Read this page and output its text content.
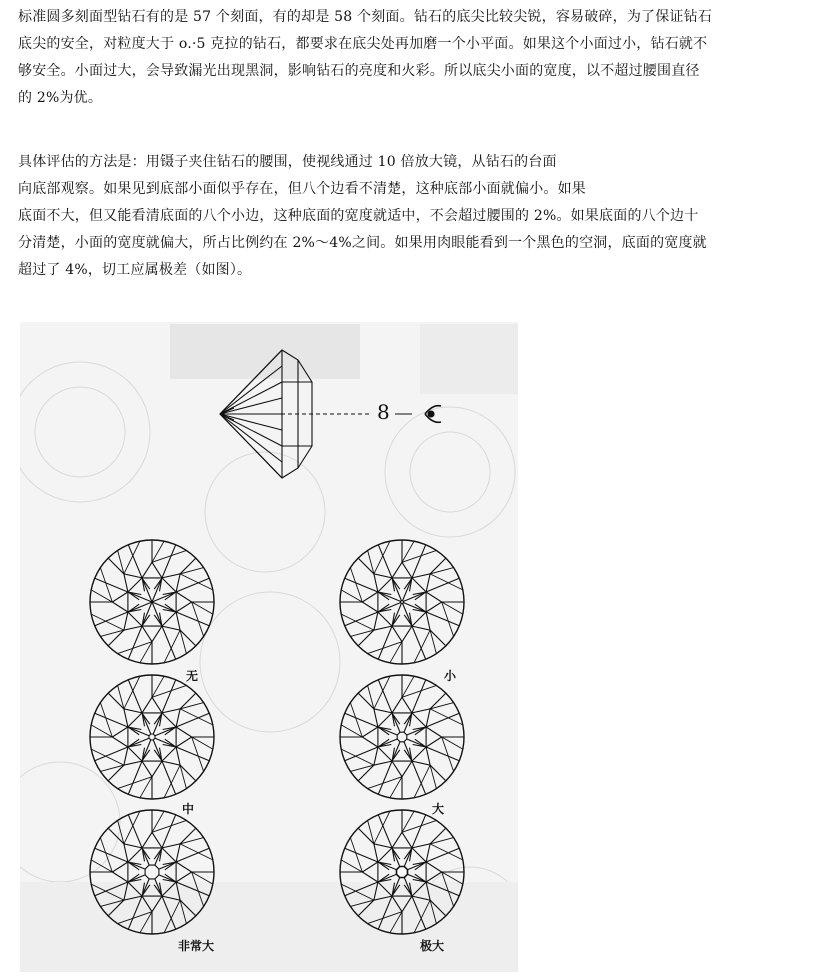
标准圆多刻面型钻石有的是 57 个刻面，有的却是 58 个刻面。钻石的底尖比较尖锐，容易破碎，为了保证钻石
底尖的安全，对粒度大于 o.·5 克拉的钻石，都要求在底尖处再加磨一个小平面。如果这个小面过小，钻石就不
够安全。小面过大，会导致漏光出现黑洞，影响钻石的亮度和火彩。所以底尖小面的宽度，以不超过腰围直径
的 2%为优。
具体评估的方法是：用镊子夹住钻石的腰围，使视线通过 10 倍放大镜，从钻石的台面
向底部观察。如果见到底部小面似乎存在，但八个边看不清楚，这种底部小面就偏小。如果
底面不大，但又能看清底面的八个小边，这种底面的宽度就适中，不会超过腰围的 2%。如果底面的八个边十
分清楚，小面的宽度就偏大，所占比例约在 2%～4%之间。如果用肉眼能看到一个黑色的空洞，底面的宽度就
超过了 4%，切工应属极差（如图）。
8
无	小
中	大
非常大	极大
